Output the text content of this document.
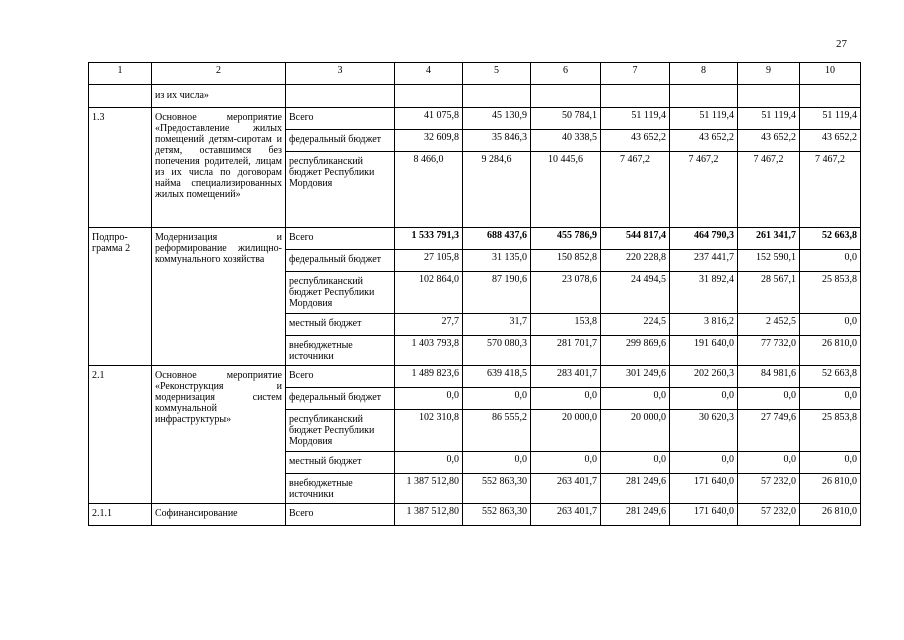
27
1	2	3	4	5	6	7	8	9	10
	из их числа»								
1.3	Основное мероприятие «Предоставление жилых помещений детям-сиротам и детям, оставшимся без попечения родителей, лицам из их числа по договорам найма специализированных жилых помещений»	Всего	41 075,8	45 130,9	50 784,1	51 119,4	51 119,4	51 119,4	51 119,4
		федеральный бюджет	32 609,8	35 846,3	40 338,5	43 652,2	43 652,2	43 652,2	43 652,2
		республиканский бюджет Республики Мордовия	8 466,0	9 284,6	10 445,6	7 467,2	7 467,2	7 467,2	7 467,2
Подпро-грамма 2	Модернизация и реформирование жилищно-коммунального хозяйства	Всего	1 533 791,3	688 437,6	455 786,9	544 817,4	464 790,3	261 341,7	52 663,8
		федеральный бюджет	27 105,8	31 135,0	150 852,8	220 228,8	237 441,7	152 590,1	0,0
		республиканский бюджет Республики Мордовия	102 864,0	87 190,6	23 078,6	24 494,5	31 892,4	28 567,1	25 853,8
		местный бюджет	27,7	31,7	153,8	224,5	3 816,2	2 452,5	0,0
		внебюджетные источники	1 403 793,8	570 080,3	281 701,7	299 869,6	191 640,0	77 732,0	26 810,0
2.1	Основное мероприятие «Реконструкция и модернизация систем коммунальной инфраструктуры»	Всего	1 489 823,6	639 418,5	283 401,7	301 249,6	202 260,3	84 981,6	52 663,8
		федеральный бюджет	0,0	0,0	0,0	0,0	0,0	0,0	0,0
		республиканский бюджет Республики Мордовия	102 310,8	86 555,2	20 000,0	20 000,0	30 620,3	27 749,6	25 853,8
		местный бюджет	0,0	0,0	0,0	0,0	0,0	0,0	0,0
		внебюджетные источники	1 387 512,80	552 863,30	263 401,7	281 249,6	171 640,0	57 232,0	26 810,0
2.1.1	Софинансирование	Всего	1 387 512,80	552 863,30	263 401,7	281 249,6	171 640,0	57 232,0	26 810,0
